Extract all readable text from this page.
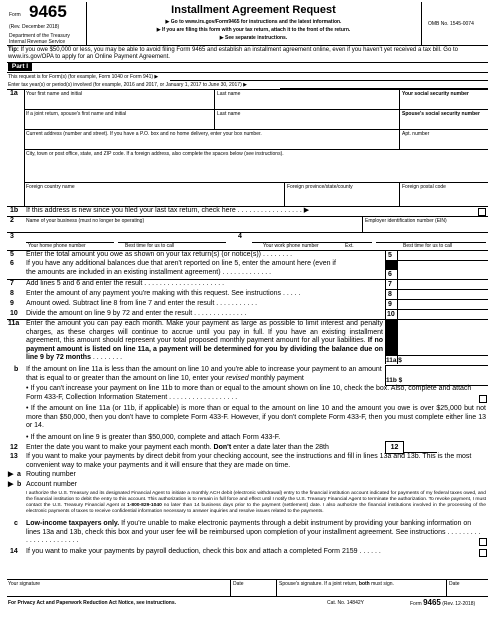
Form 9465
(Rev. December 2018)
Department of the Treasury
Internal Revenue Service
Installment Agreement Request
▶ Go to www.irs.gov/Form9465 for instructions and the latest information.
▶ If you are filing this form with your tax return, attach it to the front of the return.
▶ See separate instructions.
OMB No. 1545-0074
Tip: If you owe $50,000 or less, you may be able to avoid filing Form 9465 and establish an installment agreement online, even if you haven't yet received a tax bill. Go to www.irs.gov/OPA to apply for an Online Payment Agreement.
Part I
This request is for Form(s) (for example, Form 1040 or Form 941) ▶
Enter tax year(s) or period(s) involved (for example, 2016 and 2017, or January 1, 2017 to June 30, 2017) ▶
1a Your first name and initial	Last name	Your social security number
If a joint return, spouse's first name and initial	Last name	Spouse's social security number
Current address (number and street). If you have a P.O. box and no home delivery, enter your box number.	Apt. number
City, town or post office, state, and ZIP code. If a foreign address, also complete the spaces below (see instructions).
Foreign country name	Foreign province/state/county	Foreign postal code
1b If this address is new since you filed your last tax return, check here . . . . . . . . . . . . . . . . . ▶
2 Name of your business (must no longer be operating)	Employer identification number (EIN)
3
Your home phone number	Best time for us to call
4
Your work phone number	Ext.	Best time for us to call
5 Enter the total amount you owe as shown on your tax return(s) (or notice(s)) . . . . . . . .	5
6 If you have any additional balances due that aren't reported on line 5, enter the amount here (even if
the amounts are included in an existing installment agreement) . . . . . . . . . . . . .	6
7 Add lines 5 and 6 and enter the result . . . . . . . . . . . . . . . . . . . . .	7
8 Enter the amount of any payment you're making with this request. See instructions . . . . .	8
9 Amount owed. Subtract line 8 from line 7 and enter the result . . . . . . . . . . .	9
10 Divide the amount on line 9 by 72 and enter the result . . . . . . . . . . . . . .	10
11a Enter the amount you can pay each month. Make your payment as large as possible to limit interest and penalty charges, as these charges will continue to accrue until you pay in full. If you have an existing installment agreement, this amount should represent your total proposed monthly payment amount for all your liabilities. If no payment amount is listed on line 11a, a payment will be determined for you by dividing the balance due on line 9 by 72 months . . . . . . . .	11a $
b If the amount on line 11a is less than the amount on line 10 and you're able to increase your payment to an amount that is equal to or greater than the amount on line 10, enter your revised monthly payment	11b $
• If you can't increase your payment on line 11b to more than or equal to the amount shown on line 10, check the box. Also, complete and attach Form 433-F, Collection Information Statement . . . . . . . . . . . . . . . . . .
• If the amount on line 11a (or 11b, if applicable) is more than or equal to the amount on line 10 and the amount you owe is over $25,000 but not more than $50,000, then you don't have to complete Form 433-F. However, if you don't complete Form 433-F, then you must complete either line 13 or 14.
• If the amount on line 9 is greater than $50,000, complete and attach Form 433-F.
12 Enter the date you want to make your payment each month. Don't enter a date later than the 28th	12
13 If you want to make your payments by direct debit from your checking account, see the instructions and fill in lines 13a and 13b. This is the most convenient way to make your payments and it will ensure that they are made on time.
▶ a Routing number
▶ b Account number
I authorize the U.S. Treasury and its designated Financial Agent to initiate a monthly ACH debit (electronic withdrawal) entry to the financial institution account indicated for payments of my federal taxes owed, and the financial institution to debit the entry to this account. This authorization is to remain in full force and effect until I notify the U.S. Treasury Financial Agent to terminate the authorization. To revoke payment, I must contact the U.S. Treasury Financial Agent at 1-800-829-1040 no later than 14 business days prior to the payment (settlement) date. I also authorize the financial institutions involved in the processing of the electronic payments of taxes to receive confidential information necessary to answer inquiries and resolve issues related to the payments.
c Low-income taxpayers only. If you're unable to make electronic payments through a debit instrument by providing your banking information on lines 13a and 13b, check this box and your user fee will be reimbursed upon completion of your installment agreement. See instructions . . . . . . . . . . . . . . . . . . . . . . .
14 If you want to make your payments by payroll deduction, check this box and attach a completed Form 2159 . . . . . .
Your signature	Date	Spouse's signature. If a joint return, both must sign.	Date
For Privacy Act and Paperwork Reduction Act Notice, see instructions.	Cat. No. 14842Y	Form 9465 (Rev. 12-2018)
